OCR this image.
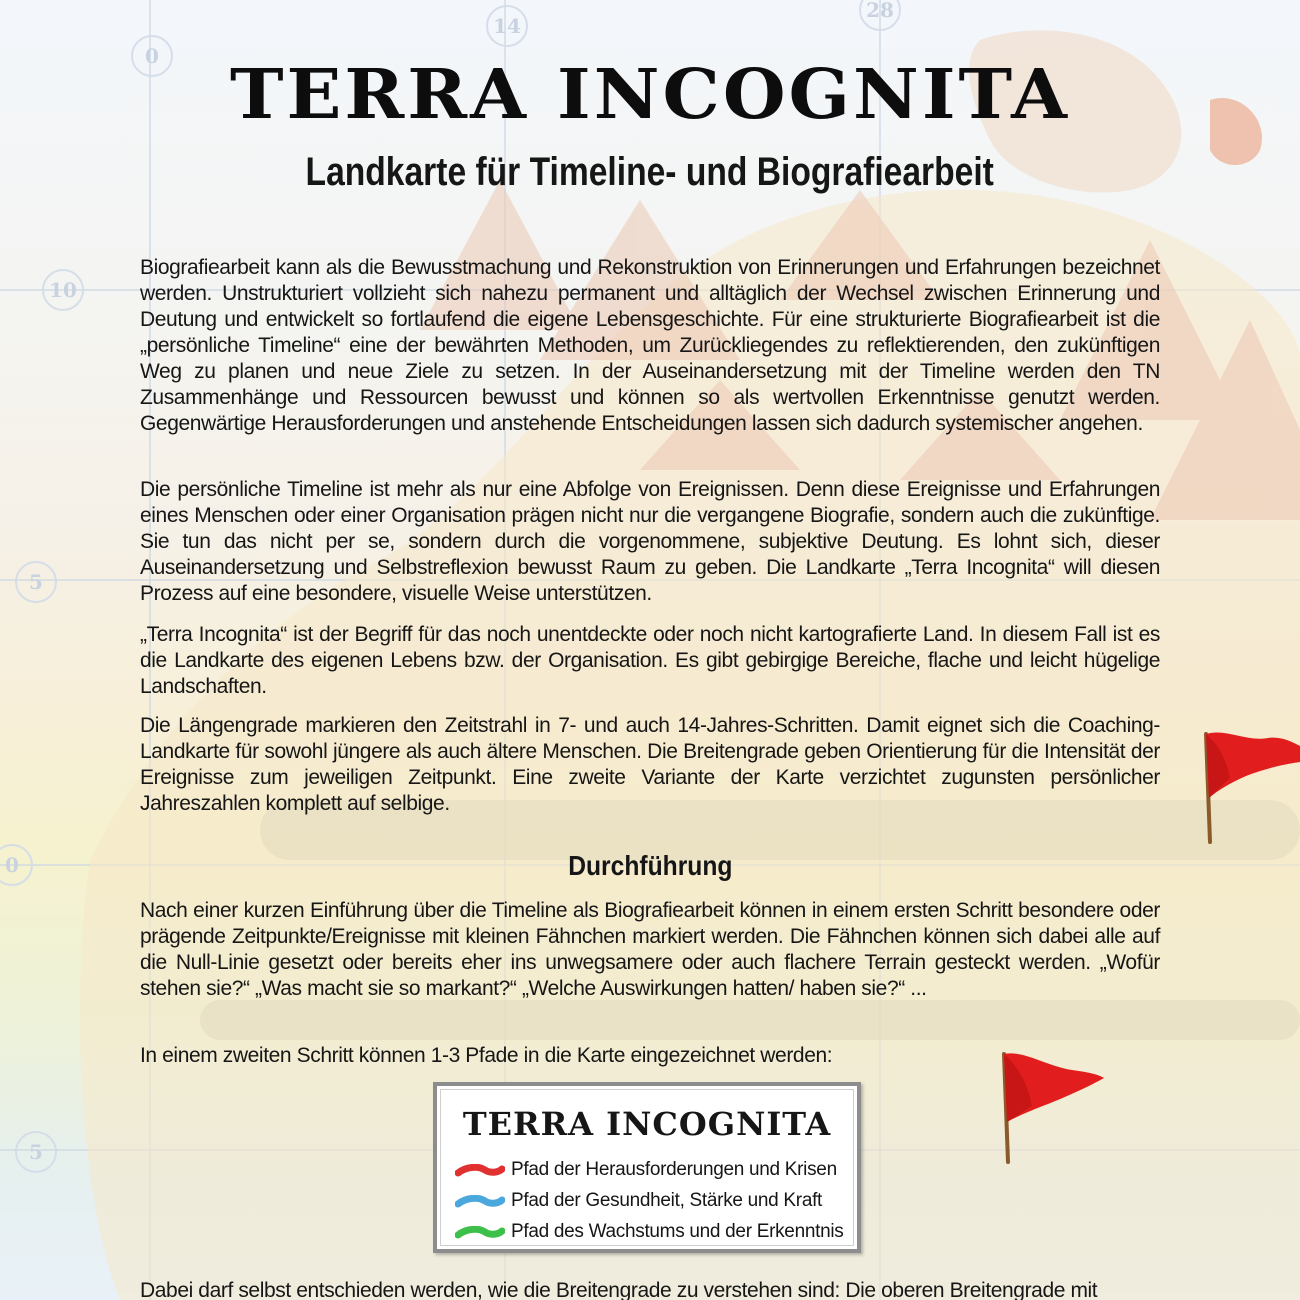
0
14
28
10
5
0
5
TERRA INCOGNITA
Landkarte für Timeline- und Biografiearbeit

Biografiearbeit kann als die Bewusstmachung und Rekonstruktion von Erinnerungen und Erfahrungen bezeichnet werden. Unstrukturiert vollzieht sich nahezu permanent und alltäglich der Wechsel zwischen Erinnerung und Deutung und entwickelt so fortlaufend die eigene Lebensgeschichte. Für eine strukturierte Biografiearbeit ist die „persönliche Timeline“ eine der bewährten Methoden, um Zurückliegendes zu reflektierenden, den zukünftigen Weg zu planen und neue Ziele zu setzen. In der Auseinandersetzung mit der Timeline werden den TN Zusammenhänge und Ressourcen bewusst und können so als wertvollen Erkenntnisse genutzt werden. Gegenwärtige Herausforderungen und anstehende Entscheidungen lassen sich dadurch systemischer angehen.

Die persönliche Timeline ist mehr als nur eine Abfolge von Ereignissen. Denn diese Ereignisse und Erfahrungen eines Menschen oder einer Organisation prägen nicht nur die vergangene Biografie, sondern auch die zukünftige. Sie tun das nicht per se, sondern durch die vorgenommene, subjektive Deutung. Es lohnt sich, dieser Auseinandersetzung und Selbstreflexion bewusst Raum zu geben. Die Landkarte „Terra Incognita“ will diesen Prozess auf eine besondere, visuelle Weise unterstützen.

„Terra Incognita“ ist der Begriff für das noch unentdeckte oder noch nicht kartografierte Land. In diesem Fall ist es die Landkarte des eigenen Lebens bzw. der Organisation. Es gibt gebirgige Bereiche, flache und leicht hügelige Landschaften.

Die Längengrade markieren den Zeitstrahl in 7- und auch 14-Jahres-Schritten. Damit eignet sich die Coaching-Landkarte für sowohl jüngere als auch ältere Menschen. Die Breitengrade geben Orientierung für die Intensität der Ereignisse zum jeweiligen Zeitpunkt. Eine zweite Variante der Karte verzichtet zugunsten persönlicher Jahreszahlen komplett auf selbige.

Durchführung

Nach einer kurzen Einführung über die Timeline als Biografiearbeit können in einem ersten Schritt besondere oder prägende Zeitpunkte/Ereignisse mit kleinen Fähnchen markiert werden. Die Fähnchen können sich dabei alle auf die Null-Linie gesetzt oder bereits eher ins unwegsamere oder auch flachere Terrain gesteckt werden. „Wofür stehen sie?“ „Was macht sie so markant?“ „Welche Auswirkungen hatten/ haben sie?“ ...

In einem zweiten Schritt können 1-3 Pfade in die Karte eingezeichnet werden:

TERRA INCOGNITA
Pfad der Herausforderungen und Krisen
Pfad der Gesundheit, Stärke und Kraft
Pfad des Wachstums und der Erkenntnis

Dabei darf selbst entschieden werden, wie die Breitengrade zu verstehen sind: Die oberen Breitengrade mit
